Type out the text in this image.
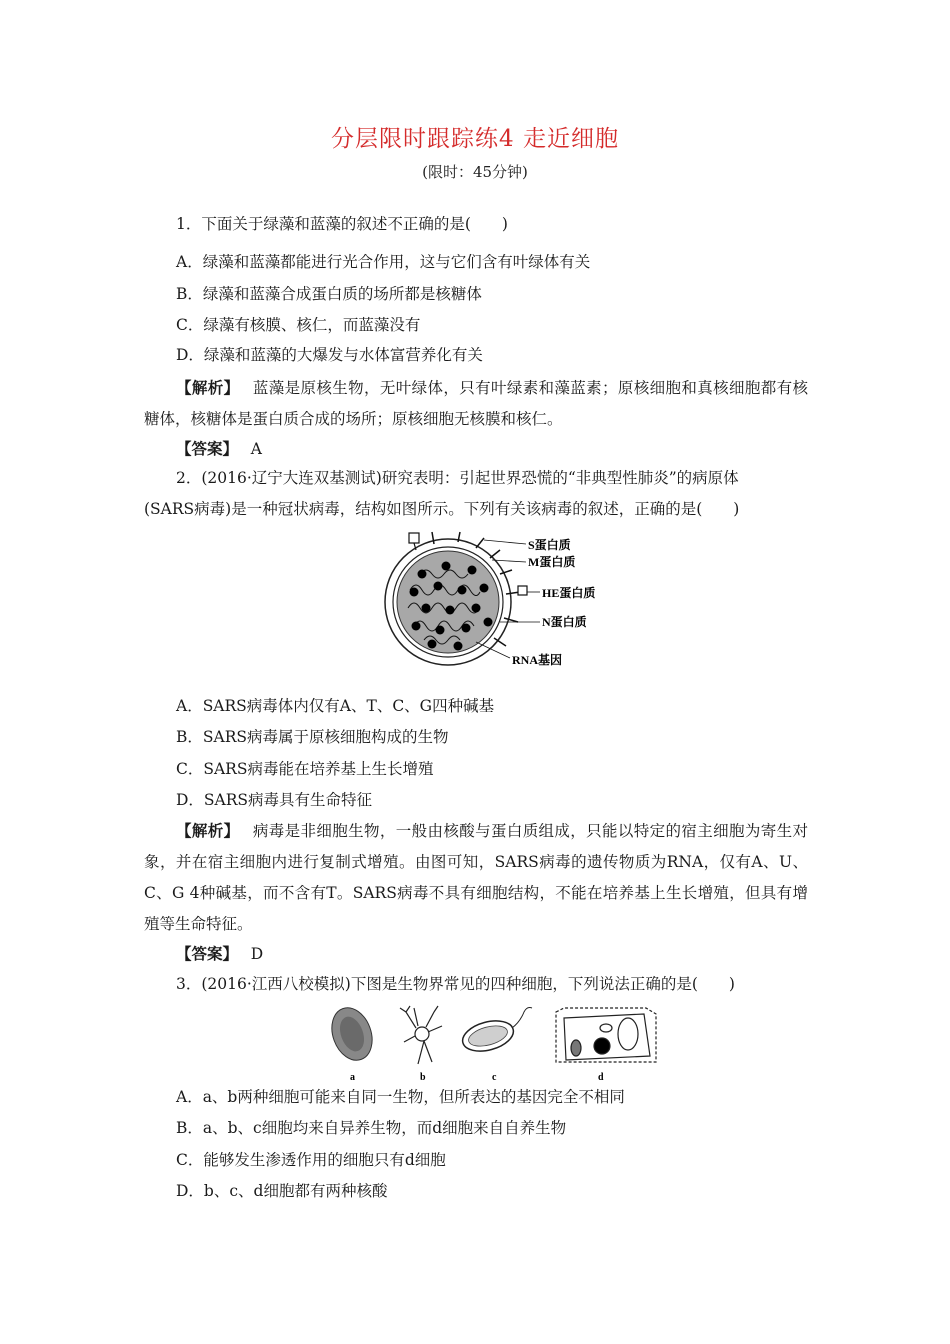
分层限时跟踪练4 走近细胞
(限时：45分钟)
1．下面关于绿藻和蓝藻的叙述不正确的是(　　)
A．绿藻和蓝藻都能进行光合作用，这与它们含有叶绿体有关
B．绿藻和蓝藻合成蛋白质的场所都是核糖体
C．绿藻有核膜、核仁，而蓝藻没有
D．绿藻和蓝藻的大爆发与水体富营养化有关
【解析】　 蓝藻是原核生物，无叶绿体，只有叶绿素和藻蓝素；原核细胞和真核细胞都有核糖体，核糖体是蛋白质合成的场所；原核细胞无核膜和核仁。
【答案】　 A
2．(2016·辽宁大连双基测试)研究表明：引起世界恐慌的“非典型性肺炎”的病原体
(SARS病毒)是一种冠状病毒，结构如图所示。下列有关该病毒的叙述，正确的是(　　)
S蛋白质
M蛋白质
HE蛋白质
N蛋白质
RNA基因
A．SARS病毒体内仅有A、T、C、G四种碱基
B．SARS病毒属于原核细胞构成的生物
C．SARS病毒能在培养基上生长增殖
D．SARS病毒具有生命特征
【解析】　 病毒是非细胞生物，一般由核酸与蛋白质组成，只能以特定的宿主细胞为寄生对象，并在宿主细胞内进行复制式增殖。由图可知，SARS病毒的遗传物质为RNA，仅有A、U、C、G 4种碱基，而不含有T。SARS病毒不具有细胞结构，不能在培养基上生长增殖，但具有增殖等生命特征。
【答案】　 D
3．(2016·江西八校模拟)下图是生物界常见的四种细胞，下列说法正确的是(　　)
a	b	c	d
A．a、b两种细胞可能来自同一生物，但所表达的基因完全不相同
B．a、b、c细胞均来自异养生物，而d细胞来自自养生物
C．能够发生渗透作用的细胞只有d细胞
D．b、c、d细胞都有两种核酸
